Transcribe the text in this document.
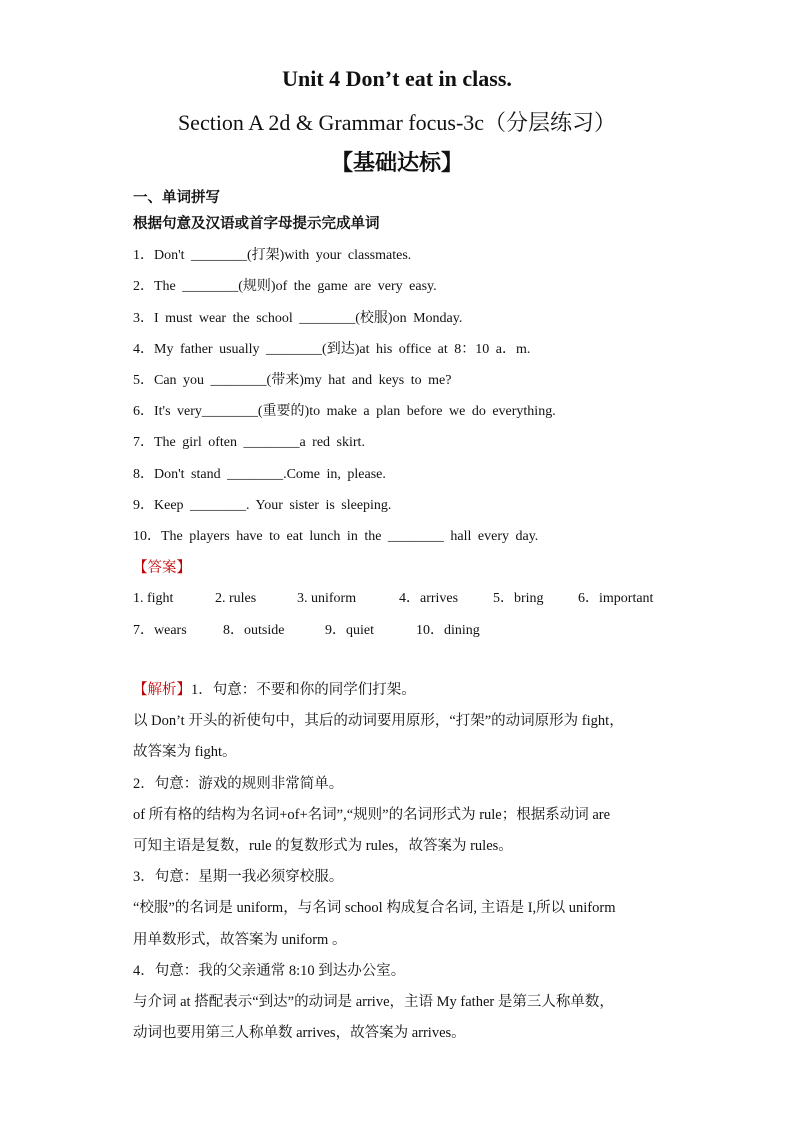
Unit 4 Don’t eat in class.
Section A 2d & Grammar focus-3c（分层练习）
【基础达标】
一、单词拼写
根据句意及汉语或首字母提示完成单词
1．Don't ________(打架)with your classmates.
2．The ________(规则)of the game are very easy.
3．I must wear the school ________(校服)on Monday.
4．My father usually ________(到达)at his office at 8：10 a．m.
5．Can you ________(带来)my hat and keys to me?
6．It's very________(重要的)to make a plan before we do everything.
7．The girl often ________a red skirt.
8．Don't stand ________.Come in, please.
9．Keep ________. Your sister is sleeping.
10．The players have to eat lunch in the ________ hall every day.
【答案】
1. fight	2. rules	3. uniform	4．arrives 5．bring 6．important
7．wears	8．outside	9．quiet	10．dining
【解析】1．句意：不要和你的同学们打架。
以 Don’t 开头的祈使句中，其后的动词要用原形，“打架”的动词原形为 fight，
故答案为 fight。
2．句意：游戏的规则非常简单。
of 所有格的结构为名词+of+名词”,“规则”的名词形式为 rule；根据系动词 are
可知主语是复数，rule 的复数形式为 rules，故答案为 rules。
3．句意：星期一我必须穿校服。
“校服”的名词是 uniform，与名词 school 构成复合名词, 主语是 I,所以 uniform
用单数形式，故答案为 uniform 。
4．句意：我的父亲通常 8:10 到达办公室。
与介词 at 搭配表示“到达”的动词是 arrive，主语 My father 是第三人称单数，
动词也要用第三人称单数 arrives，故答案为 arrives。
